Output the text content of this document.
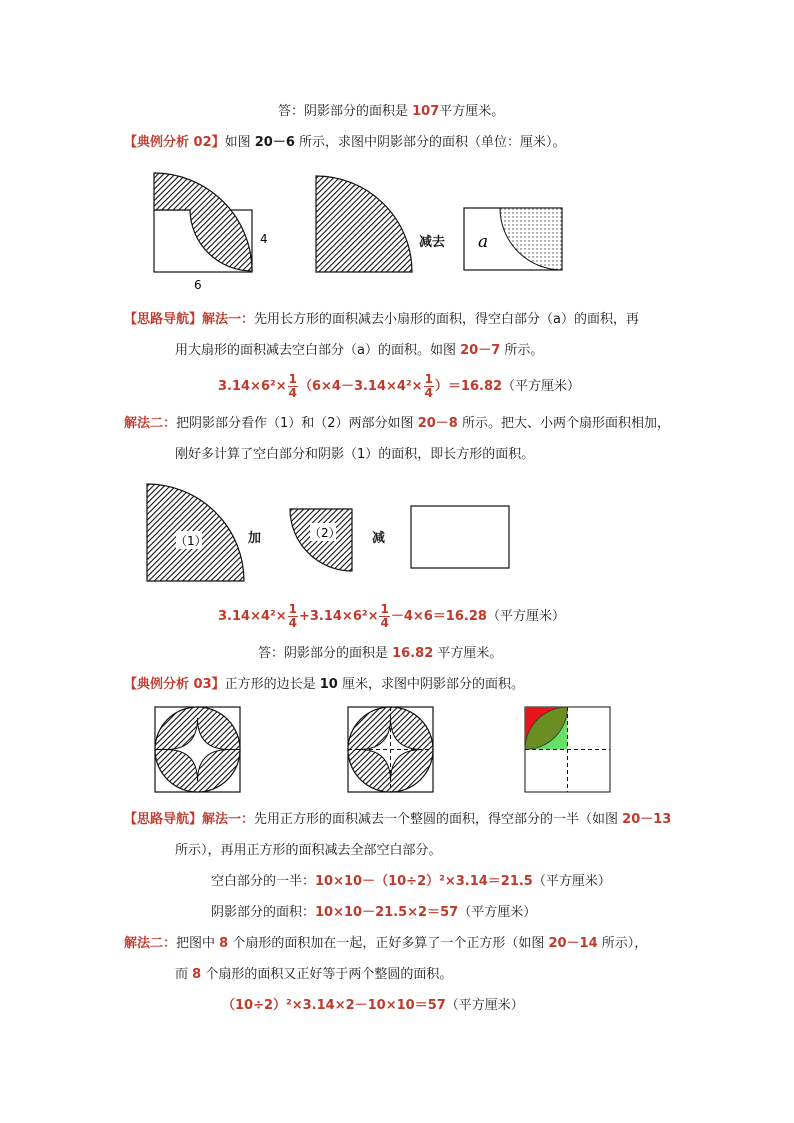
答：阴影部分的面积是 107平方厘米。
【典例分析 02】如图 20－6 所示，求图中阴影部分的面积（单位：厘米）。
4
6
减去 a
【思路导航】解法一：先用长方形的面积减去小扇形的面积，得空白部分（a）的面积，再
用大扇形的面积减去空白部分（a）的面积。如图 20－7 所示。
$3.14\times 6^2\times \frac{1}{4} (6\times 4-3.14\times 4^2\times \frac{1}{4} )=16.82$（平方厘米）
解法二：把阴影部分看作（1）和（2）两部分如图 20－8 所示。把大、小两个扇形面积相加，
刚好多计算了空白部分和阴影（1）的面积，即长方形的面积。
（1）	加	（2） 减
$3.14\times 4^2\times \frac{1}{4} +3.14\times 6^2\times \frac{1}{4} -4\times 6=16.28$（平方厘米）
答：阴影部分的面积是 16.82 平方厘米。
【典例分析 03】正方形的边长是 10 厘米，求图中阴影部分的面积。
【思路导航】解法一：先用正方形的面积减去一个整圆的面积，得空部分的一半（如图 20－13
所示），再用正方形的面积减去全部空白部分。
空白部分的一半：10×10－（10÷2）²×3.14＝21.5（平方厘米）
阴影部分的面积：10×10－21.5×2＝57（平方厘米）
解法二：把图中 8 个扇形的面积加在一起，正好多算了一个正方形（如图 20－14 所示），
而 8 个扇形的面积又正好等于两个整圆的面积。
（10÷2）²×3.14×2－10×10＝57（平方厘米）
